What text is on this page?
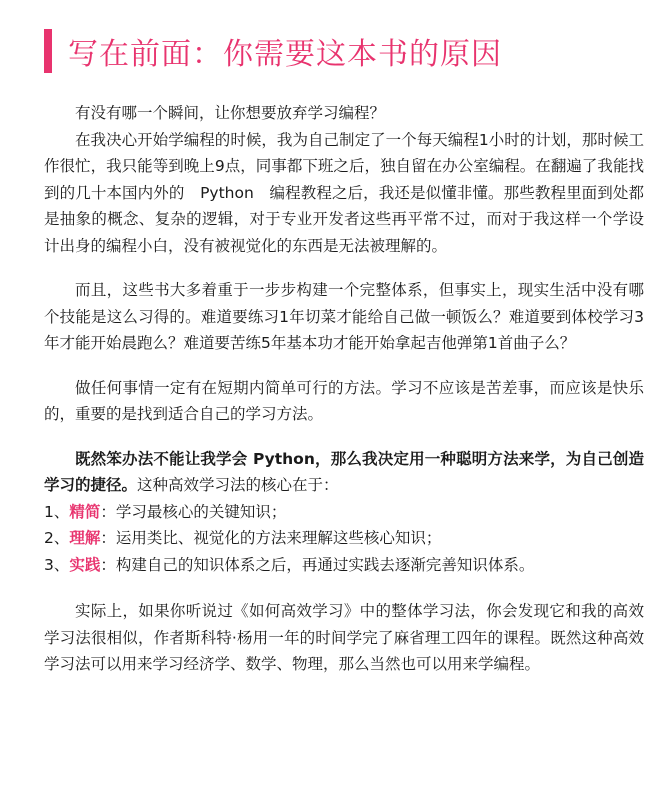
写在前面：你需要这本书的原因

有没有哪一个瞬间，让你想要放弃学习编程？

在我决心开始学编程的时候，我为自己制定了一个每天编程1小时的计划，那时候工作很忙，我只能等到晚上9点，同事都下班之后，独自留在办公室编程。在翻遍了我能找到的几十本国内外的　Python　编程教程之后，我还是似懂非懂。那些教程里面到处都是抽象的概念、复杂的逻辑，对于专业开发者这些再平常不过，而对于我这样一个学设计出身的编程小白，没有被视觉化的东西是无法被理解的。

而且，这些书大多着重于一步步构建一个完整体系，但事实上，现实生活中没有哪个技能是这么习得的。难道要练习1年切菜才能给自己做一顿饭么？难道要到体校学习3年才能开始晨跑么？难道要苦练5年基本功才能开始拿起吉他弹第1首曲子么？

做任何事情一定有在短期内简单可行的方法。学习不应该是苦差事，而应该是快乐的，重要的是找到适合自己的学习方法。

既然笨办法不能让我学会 Python，那么我决定用一种聪明方法来学，为自己创造学习的捷径。这种高效学习法的核心在于：

1、精简：学习最核心的关键知识；

2、理解：运用类比、视觉化的方法来理解这些核心知识；

3、实践：构建自己的知识体系之后，再通过实践去逐渐完善知识体系。

实际上，如果你听说过《如何高效学习》中的整体学习法，你会发现它和我的高效学习法很相似，作者斯科特·杨用一年的时间学完了麻省理工四年的课程。既然这种高效学习法可以用来学习经济学、数学、物理，那么当然也可以用来学编程。
